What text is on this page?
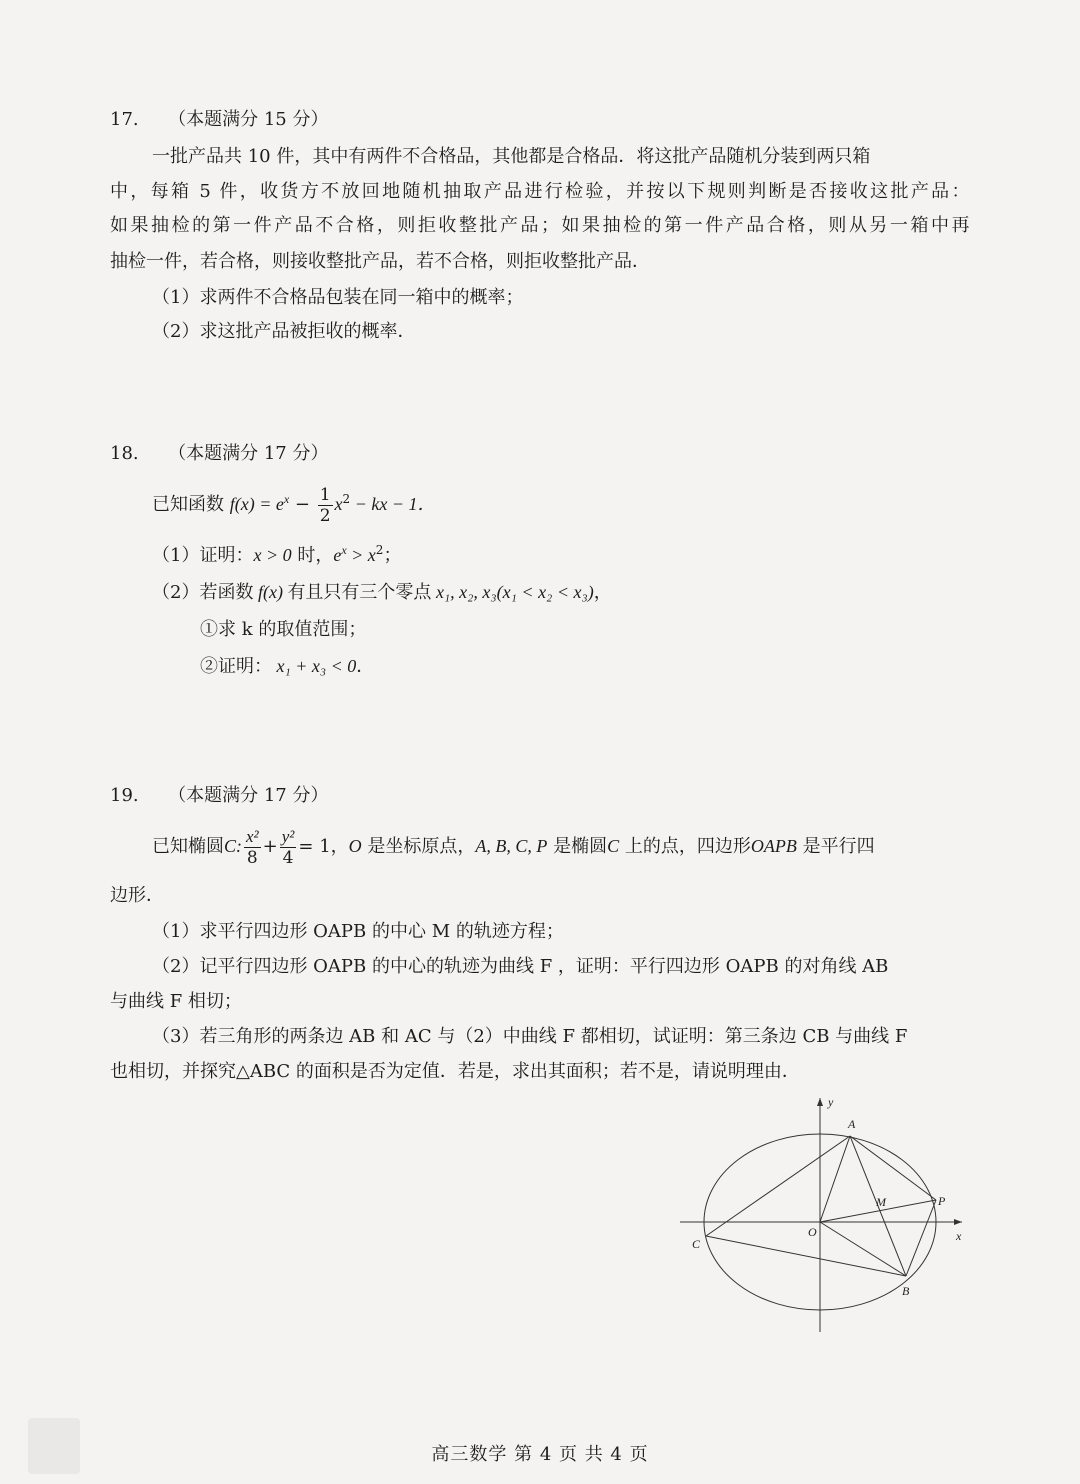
17. （本题满分 15 分）
一批产品共 10 件，其中有两件不合格品，其他都是合格品．将这批产品随机分装到两只箱
中，每箱 5 件，收货方不放回地随机抽取产品进行检验，并按以下规则判断是否接收这批产品：
如果抽检的第一件产品不合格，则拒收整批产品；如果抽检的第一件产品合格，则从另一箱中再
抽检一件，若合格，则接收整批产品，若不合格，则拒收整批产品．
（1）求两件不合格品包装在同一箱中的概率；
（2）求这批产品被拒收的概率．
18. （本题满分 17 分）
已知函数 $f(x) = e^x - \frac{1}{2} x^2$ − kx − 1．
（1）证明：x > 0 时，$e^x > x^2$；
（2）若函数 f(x) 有且只有三个零点 x₁, x₂, x₃(x₁ < x₂ < x₃)，
①求 k 的取值范围；
②证明： x₁ + x₃ < 0．
19. （本题满分 17 分）
已知椭圆C: $\frac{\text{x²}}{8} + \frac{\text{y²}}{4} = 1$，O 是坐标原点，A, B, C, P 是椭圆C 上的点，四边形OAPB 是平行四
边形．
（1）求平行四边形 OAPB 的中心 M 的轨迹方程；
（2）记平行四边形 OAPB 的中心的轨迹为曲线 F ，证明：平行四边形 OAPB 的对角线 AB
与曲线 F 相切；
（3）若三角形的两条边 AB 和 AC 与（2）中曲线 F 都相切，试证明：第三条边 CB 与曲线 F
也相切，并探究△ABC 的面积是否为定值．若是，求出其面积；若不是，请说明理由．
y
x
O
A
B
C
P
M
高三数学 第 4 页 共 4 页
